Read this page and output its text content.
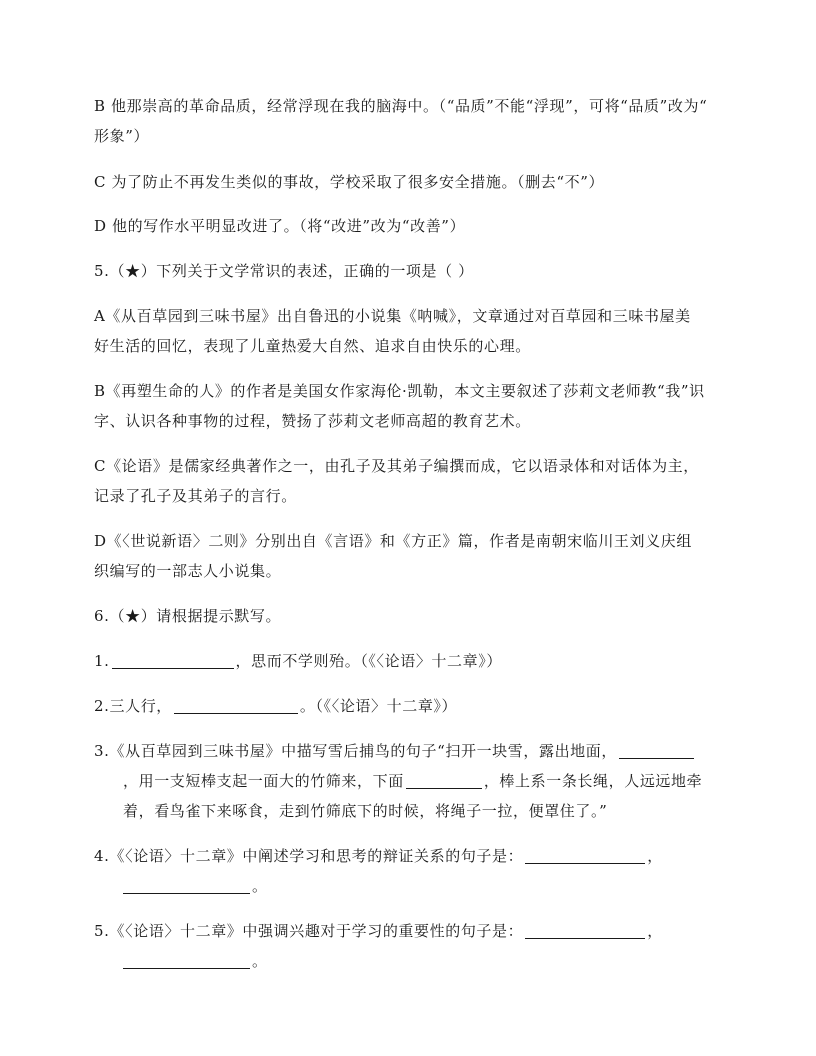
B 他那崇高的革命品质，经常浮现在我的脑海中。（“品质”不能“浮现”，可将“品质”改为“
形象”）
C 为了防止不再发生类似的事故，学校采取了很多安全措施。（删去“不”）
D 他的写作水平明显改进了。（将“改进”改为“改善”）
5.（★）下列关于文学常识的表述，正确的一项是（ ）
A《从百草园到三味书屋》出自鲁迅的小说集《呐喊》，文章通过对百草园和三味书屋美
好生活的回忆，表现了儿童热爱大自然、追求自由快乐的心理。
B《再塑生命的人》的作者是美国女作家海伦·凯勒，本文主要叙述了莎莉文老师教“我”识
字、认识各种事物的过程，赞扬了莎莉文老师高超的教育艺术。
C《论语》是儒家经典著作之一，由孔子及其弟子编撰而成，它以语录体和对话体为主，
记录了孔子及其弟子的言行。
D《〈世说新语〉二则》分别出自《言语》和《方正》篇，作者是南朝宋临川王刘义庆组
织编写的一部志人小说集。
6.（★）请根据提示默写。
1.	，思而不学则殆。（《〈论语〉十二章》）
2.三人行，	。（《〈论语〉十二章》）
3.《从百草园到三味书屋》中描写雪后捕鸟的句子“扫开一块雪，露出地面，
，用一支短棒支起一面大的竹筛来，下面	，棒上系一条长绳，人远远地牵
着，看鸟雀下来啄食，走到竹筛底下的时候，将绳子一拉，便罩住了。”
4.《〈论语〉十二章》中阐述学习和思考的辩证关系的句子是：	，
。
5.《〈论语〉十二章》中强调兴趣对于学习的重要性的句子是：	，
。
